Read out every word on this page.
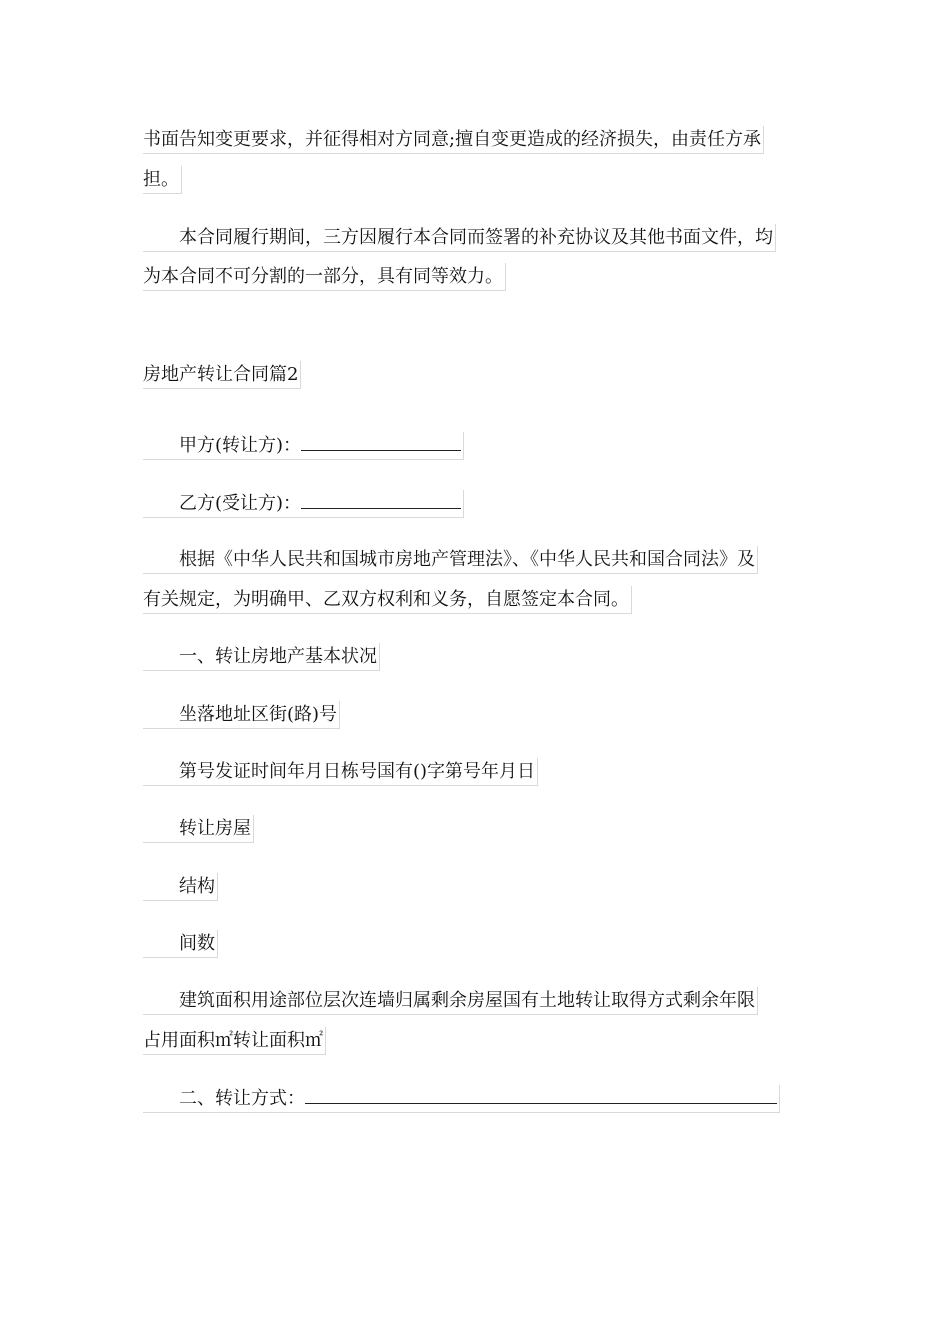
书面告知变更要求，并征得相对方同意;擅自变更造成的经济损失，由责任方承
担。
　　本合同履行期间，三方因履行本合同而签署的补充协议及其他书面文件，均
为本合同不可分割的一部分，具有同等效力。
房地产转让合同篇2
　　甲方(转让方)：
　　乙方(受让方)：
　　根据《中华人民共和国城市房地产管理法》、《中华人民共和国合同法》及
有关规定，为明确甲、乙双方权利和义务，自愿签定本合同。
　　一、转让房地产基本状况
　　坐落地址区街(路)号
　　第号发证时间年月日栋号国有()字第号年月日
　　转让房屋
　　结构
　　间数
　　建筑面积用途部位层次连墙归属剩余房屋国有土地转让取得方式剩余年限
占用面积㎡转让面积㎡
　　二、转让方式：
